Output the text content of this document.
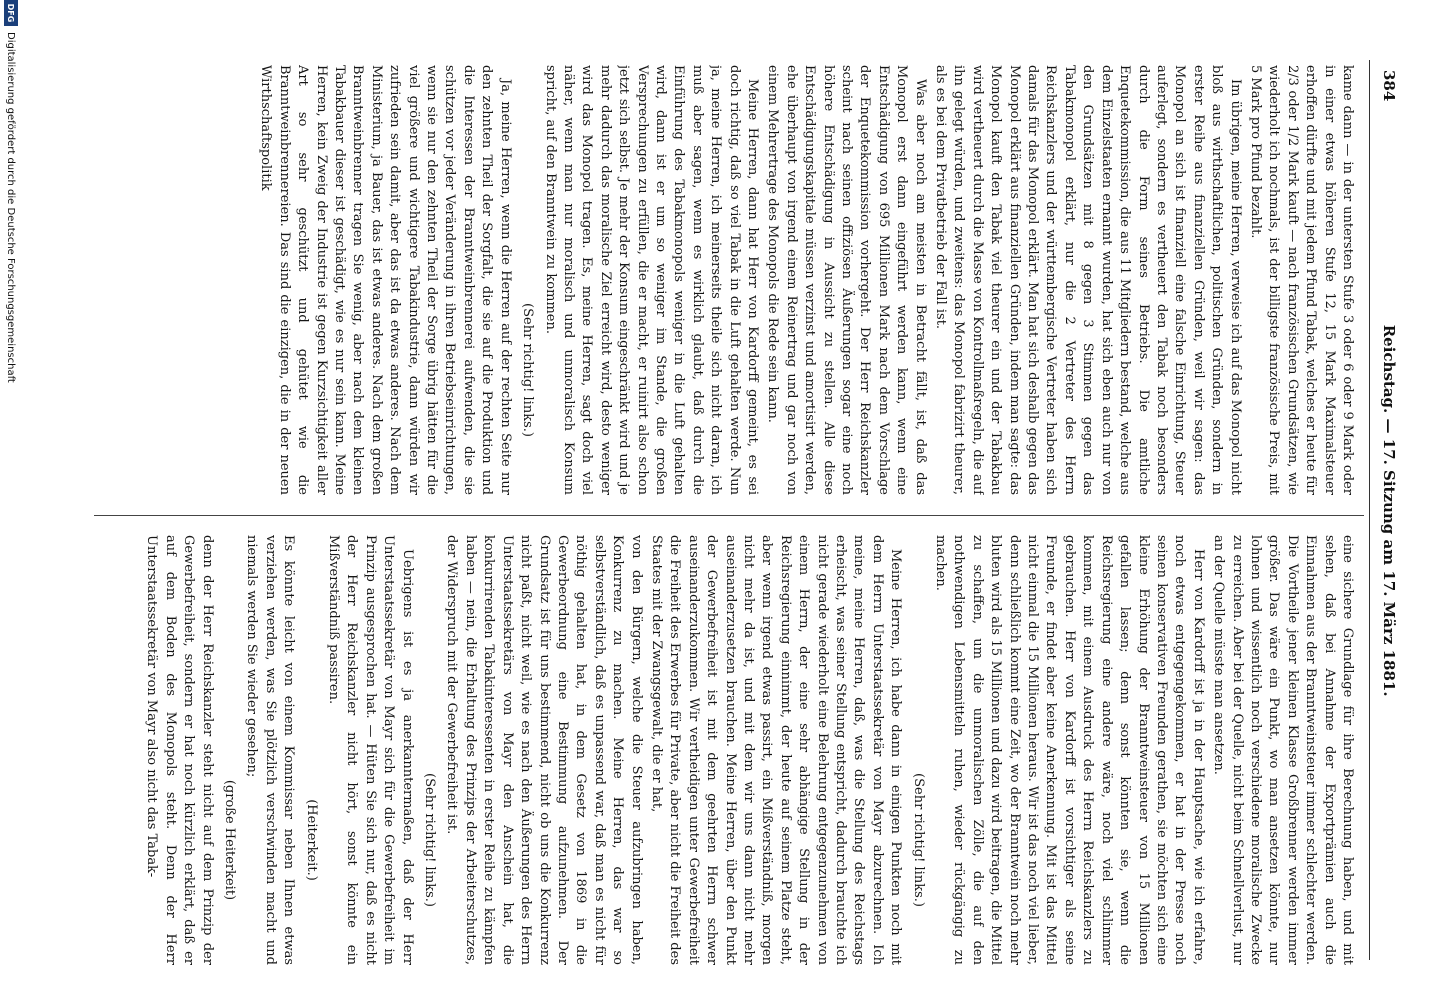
384
Reichstag. — 17. Sitzung am 17. März 1881.

kame dann — in der untersten Stufe 3 oder 6 oder 9 Mark oder in einer etwas höheren Stufe 12, 15 Mark Maximalsteuer erhoffen dürfte und mit jedem Pfund Tabak, welches er heute für 2/3 oder 1/2 Mark kauft — nach französischen Grundsätzen, wie wiederholt ich nochmals, ist der billigste französische Preis, mit 5 Mark pro Pfund bezahlt.

Im übrigen, meine Herren, verweise ich auf das Monopol nicht bloß aus wirthschaftlichen, politischen Gründen, sondern in erster Reihe aus finanziellen Gründen, weil wir sagen: das Monopol an sich ist finanziell eine falsche Einrichtung, Steuer auferlegt, sondern es vertheuert den Tabak noch besonders durch die Form seines Betriebs. Die amtliche Enquetekommission, die aus 11 Mitgliedern bestand, welche aus dem Einzelstaaten ernannt wurden, hat sich eben auch nur von den Grundsätzen mit 8 gegen 3 Stimmen gegen das Tabakmonopol erklärt, nur die 2 Vertreter des Herrn Reichskanzlers und der württembergische Vertreter haben sich damals für das Monopol erklärt. Man hat sich deshalb gegen das Monopol erklärt aus finanziellen Gründen, indem man sagte: das Monopol kauft den Tabak viel theurer ein und der Tabakbau wird vertheuert durch die Masse von Kontrollmaßregeln, die auf ihn gelegt würden, und zweitens: das Monopol fabrizirt theurer, als es bei dem Privatbetrieb der Fall ist.

Was aber noch am meisten in Betracht fällt, ist, daß das Monopol erst dann eingeführt werden kann, wenn eine Entschädigung von 695 Millionen Mark nach dem Vorschlage der Enquetekommission vorhergeht. Der Herr Reichskanzler scheint nach seinen offiziösen Äußerungen sogar eine noch höhere Entschädigung in Aussicht zu stellen. Alle diese Entschädigungskapitale müssen verzinst und amortisirt werden, ehe überhaupt von irgend einem Reinertrag und gar noch von einem Mehrertrage des Monopols die Rede sein kann.

Meine Herren, dann hat Herr von Kardorff gemeint, es sei doch richtig, daß so viel Tabak in die Luft gehalten werde. Nun ja, meine Herren, ich meinerseits theile sich nicht daran, ich muß aber sagen, wenn es wirklich glaubt, daß durch die Einführung des Tabakmonopols weniger in die Luft gehalten wird, dann ist er um so weniger im Stande, die großen Versprechungen zu erfüllen, die er macht, er ruinirt also schon jetzt sich selbst. Je mehr der Konsum eingeschränkt wird und je mehr dadurch das moralische Ziel erreicht wird, desto weniger wird das Monopol tragen. Es, meine Herren, sagt doch viel näher, wenn man nur moralisch und unmoralisch Konsum spricht, auf den Branntwein zu kommen.

(Sehr richtig! links.)

Ja, meine Herren, wenn die Herren auf der rechten Seite nur den zehnten Theil der Sorgfalt, die sie auf die Produktion und die Interessen der Branntweinbrennerei aufwenden, die sie schützen vor jeder Veränderung in ihren Betriebseinrichtungen, wenn sie nur den zehnten Theil der Sorge übrig hätten für die viel größere und wichtigere Tabakindustrie, dann würden wir zufrieden sein damit, aber das ist da etwas anderes. Nach dem Ministerium, ja Bauer, das ist etwas anderes. Nach dem großen Branntweinbrenner tragen Sie wenig, aber nach dem kleinen Tabakbauer dieser ist geschädigt, wie es nur sein kann. Meine Herren, kein Zweig der Industrie ist gegen Kurzsichtigkeit aller Art so sehr geschützt und gehütet wie die Branntweinbrennereien. Das sind die einzigen, die in der neuen Wirthschaftspolitik

eine sichere Grundlage für ihre Berechnung haben, und mit sehen, daß bei Annahme der Exportprämien auch die Einnahmen aus der Branntweinsteuer immer schlechter werden. Die Vortheile jener kleinen Klasse Großbrenner werden immer größer. Das wäre ein Punkt, wo man ansetzen könnte, nur lohnen und wissentlich noch verschiedene moralische Zwecke zu erreichen. Aber bei der Quelle, nicht beim Schnellverlust, nur an der Quelle müsste man ansetzen.

Herr von Kardorff ist ja in der Hauptsache, wie ich erfahre, noch etwas entgegengekommen, er hat in der Presse noch seinen konservativen Freunden gerathen, sie möchten sich eine kleine Erhöhung der Branntweinsteuer von 15 Millionen gefallen lassen; denn sonst könnten sie, wenn die Reichsregierung eine andere wäre, noch viel schlimmer kommen, mit einem Ausdruck des Herrn Reichskanzlers zu gebrauchen. Herr von Kardorff ist vorsichtiger als seine Freunde, er findet aber keine Anerkennung. Mit ist das Mittel nicht einmal die 15 Millionen heraus. Wir ist das noch viel lieber, denn schließlich kommt eine Zeit, wo der Branntwein noch mehr bluten wird als 15 Millionen und dazu wird beitragen, die Mittel zu schaffen, um die unmoralischen Zölle, die auf den nothwendigen Lebensmitteln ruhen, wieder rückgängig zu machen.

(Sehr richtig! links.)

Meine Herren, ich habe dann in einigen Punkten noch mit dem Herrn Unterstaatssekretär von Mayr abzurechnen. Ich meine, meine Herren, daß, was die Stellung des Reichstags erheischt, was seiner Stellung entspricht, dadurch brauchte ich nicht gerade wiederholt eine Belehrung entgegenzunehmen von einem Herrn, der eine sehr abhängige Stellung in der Reichsregierung einnimmt, der heute auf seinem Platze steht, aber wenn irgend etwas passirt, ein Mißverständniß, morgen nicht mehr da ist, und mit dem wir uns dann nicht mehr auseinanderzusetzen brauchen. Meine Herren, über den Punkt der Gewerbefreiheit ist mit dem geehrten Herrn schwer auseinanderzukommen. Wir vertheidigen unter Gewerbefreiheit die Freiheit des Erwerbes für Private, aber nicht die Freiheit des Staates mit der Zwangsgewalt, die er hat,

von den Bürgern, welche die Steuer aufzubringen haben, Konkurrenz zu machen. Meine Herren, das war so selbstverständlich, daß es unpassend war, daß man es nicht für nöthig gehalten hat, in dem Gesetz von 1869 in die Gewerbeordnung eine Bestimmung aufzunehmen. Der Grundsatz ist für uns bestimmend, nicht ob uns die Konkurrenz nicht paßt, nicht weil, wie es nach den Äußerungen des Herrn Unterstaatssekretärs von Mayr den Anschein hat, die konkurrirenden Tabakinteressenten in erster Reihe zu kämpfen haben — nein, die Erhaltung des Prinzips der Arbeiterschutzes, der Widerspruch mit der Gewerbefreiheit ist.

(Sehr richtig! links.)

Uebrigens ist es ja anerkanntermaßen, daß der Herr Unterstaatssekretär von Mayr sich für die Gewerbefreiheit im Prinzip ausgesprochen hat. — Hüten Sie sich nur, daß es nicht der Herr Reichskanzler nicht hört, sonst könnte ein Mißverständniß passiren.

(Heiterkeit.)

Es könnte leicht von einem Kommissar neben Ihnen etwas verziehen werden, was Sie plötzlich verschwinden macht und niemals werden Sie wieder gesehen;

(große Heiterkeit)

denn der Herr Reichskanzler steht nicht auf dem Prinzip der Gewerbefreiheit, sondern er hat noch kürzlich erklärt, daß er auf dem Boden des Monopols steht. Denn der Herr Unterstaatssekretär von Mayr also nicht das Tabak-

DFG
Digitalisierung gefördert durch die Deutsche Forschungsgemeinschaft
